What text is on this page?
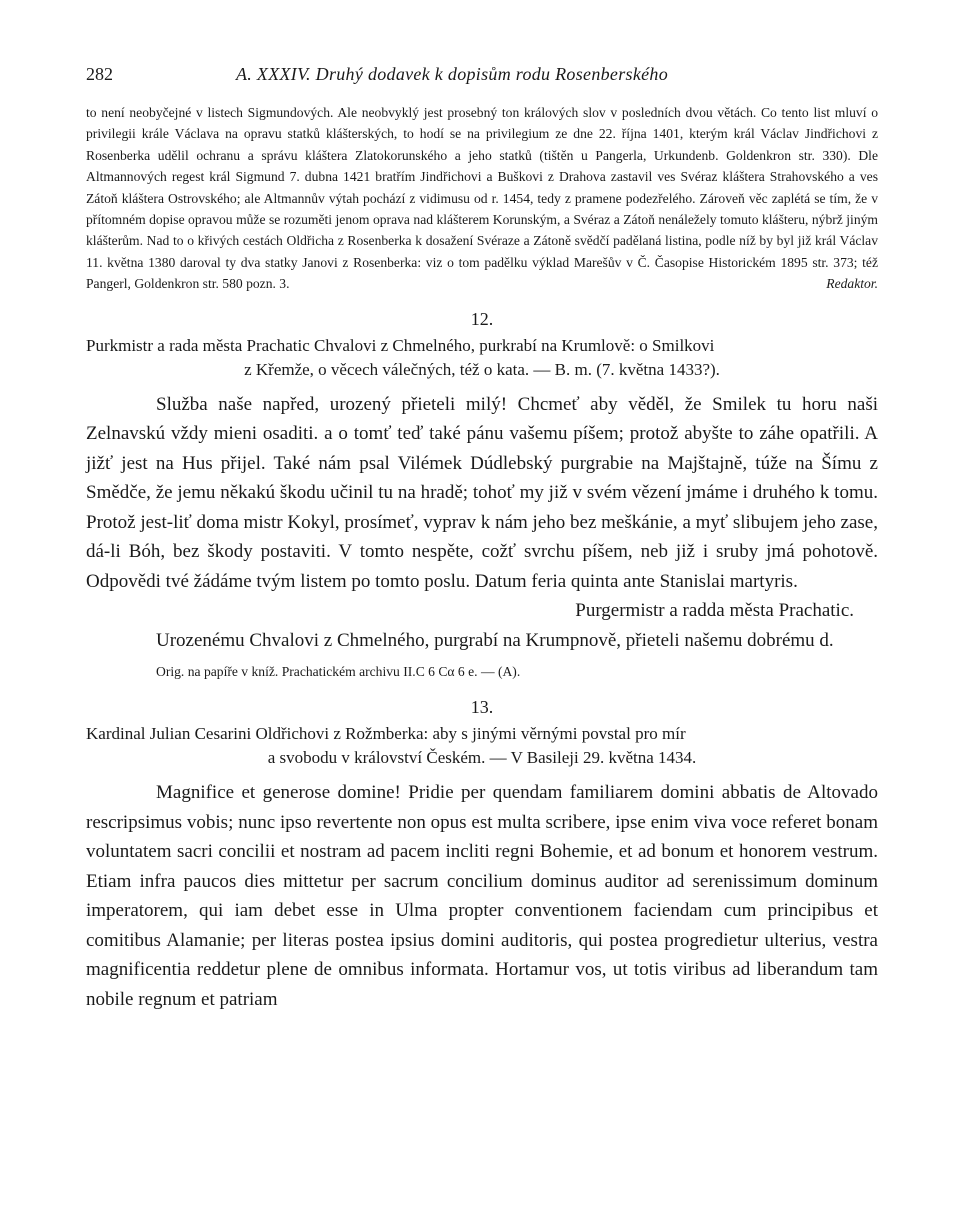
282	A. XXXIV. Druhý dodavek k dopisům rodu Rosenberského

to není neobyčejné v listech Sigmundových. Ale neobvyklý jest prosebný ton králových slov v posledních dvou větách. Co tento list mluví o privilegii krále Václava na opravu statků klášterských, to hodí se na privilegium ze dne 22. října 1401, kterým král Václav Jindřichovi z Rosenberka udělil ochranu a správu kláštera Zlatokorunského a jeho statků (tištěn u Pangerla, Urkundenb. Goldenkron str. 330). Dle Altmannových regest král Sigmund 7. dubna 1421 bratřím Jindřichovi a Buškovi z Drahova zastavil ves Svéraz kláštera Strahovského a ves Zátoň kláštera Ostrovského; ale Altmannův výtah pochází z vidimusu od r. 1454, tedy z pramene podezřelého. Zároveň věc zaplétá se tím, že v přítomném dopise opravou může se rozuměti jenom oprava nad klášterem Korunským, a Svéraz a Zátoň nenáležely tomuto klášteru, nýbrž jiným klášterům. Nad to o křivých cestách Oldřicha z Rosenberka k dosažení Svéraze a Zátoně svědčí padělaná listina, podle níž by byl již král Václav 11. května 1380 daroval ty dva statky Janovi z Rosenberka: viz o tom padělku výklad Marešův v Č. Časopise Historickém 1895 str. 373; též Pangerl, Goldenkron str. 580 pozn. 3.	Redaktor.

12.

Purkmistr a rada města Prachatic Chvalovi z Chmelného, purkrabí na Krumlově: o Smilkovi
z Křemže, o věcech válečných, též o kata. — B. m. (7. května 1433?).

Služba naše napřed, urozený přieteli milý! Chcmeť aby věděl, že Smilek tu horu naši Zelnavskú vždy mieni osaditi. a o tomť teď také pánu vašemu píšem; protož abyšte to záhe opatřili. A jižť jest na Hus přijel. Také nám psal Vilémek Dúdlebský purgrabie na Majštajně, túže na Šímu z Smědče, že jemu někakú škodu učinil tu na hradě; tohoť my již v svém vězení jmáme i druhého k tomu. Protož jest-liť doma mistr Kokyl, prosímeť, vyprav k nám jeho bez meškánie, a myť slibujem jeho zase, dá-li Bóh, bez škody postaviti. V tomto nespěte, cožť svrchu píšem, neb již i sruby jmá pohotově. Odpovědi tvé žádáme tvým listem po tomto poslu. Datum feria quinta ante Stanislai martyris.

Purgermistr a radda města Prachatic.

Urozenému Chvalovi z Chmelného, purgrabí na Krumpnově, přieteli našemu dobrému d.

Orig. na papíře v kníž. Prachatickém archivu II.C 6 Cα 6 e. — (A).

13.

Kardinal Julian Cesarini Oldřichovi z Rožmberka: aby s jinými věrnými povstal pro mír
a svobodu v království Českém. — V Basileji 29. května 1434.

Magnifice et generose domine! Pridie per quendam familiarem domini abbatis de Altovado rescripsimus vobis; nunc ipso revertente non opus est multa scribere, ipse enim viva voce referet bonam voluntatem sacri concilii et nostram ad pacem incliti regni Bohemie, et ad bonum et honorem vestrum. Etiam infra paucos dies mittetur per sacrum concilium dominus auditor ad serenissimum dominum imperatorem, qui iam debet esse in Ulma propter conventionem faciendam cum principibus et comitibus Alamanie; per literas postea ipsius domini auditoris, qui postea progredietur ulterius, vestra magnificentia reddetur plene de omnibus informata. Hortamur vos, ut totis viribus ad liberandum tam nobile regnum et patriam
